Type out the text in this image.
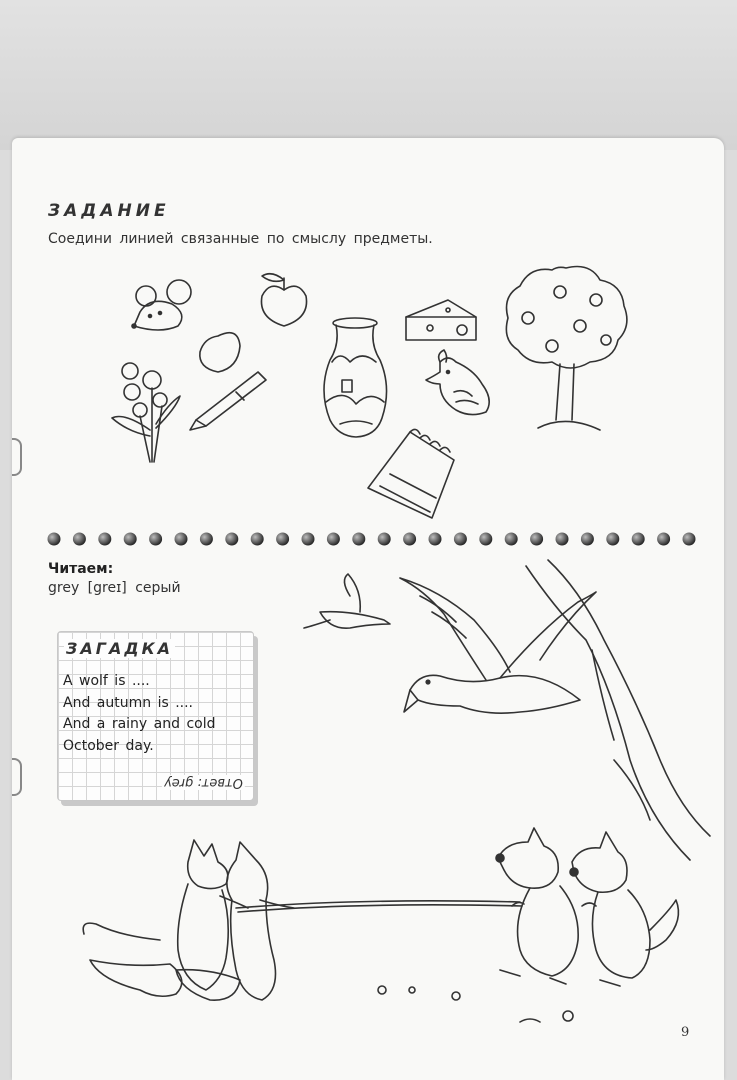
ЗАДАНИЕ
Соедини линией связанные по смыслу предметы.
Читаем:
grey [greɪ] серый
ЗАГАДКА
A wolf is ....
And autumn is ....
And a rainy and cold
October day.
Ответ: grey
9
